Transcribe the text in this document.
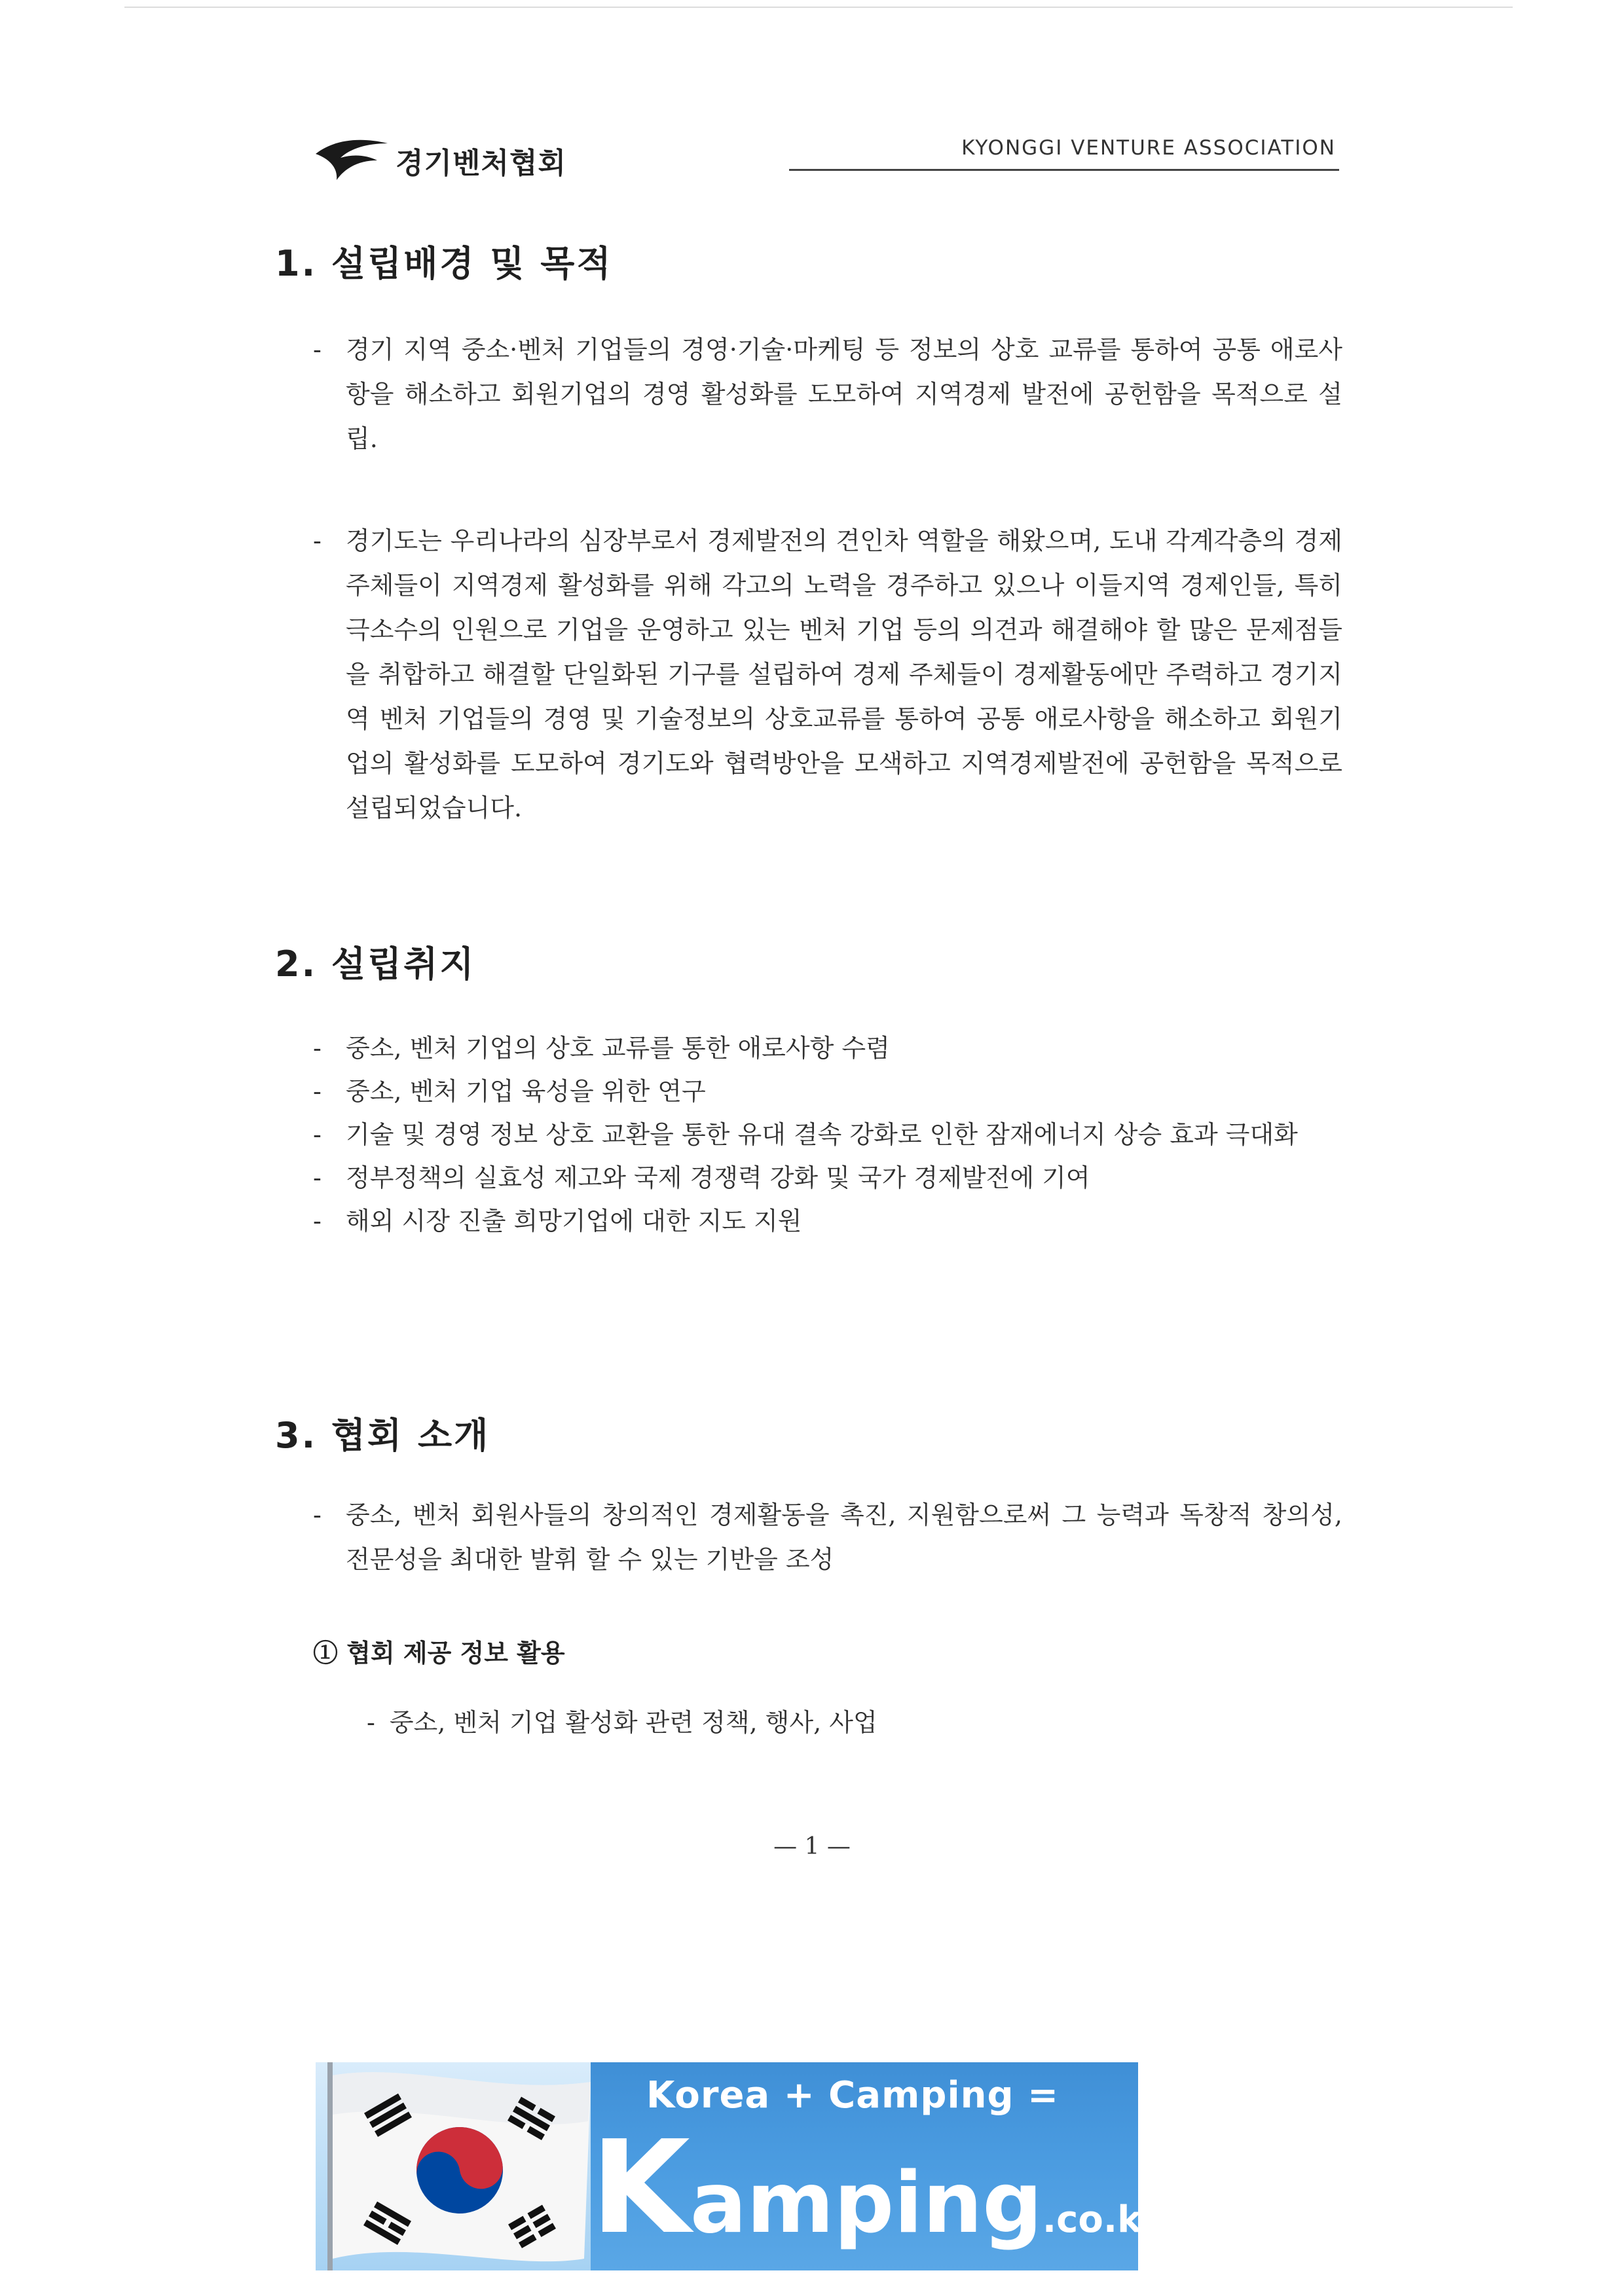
경기벤처협회	KYONGGI VENTURE ASSOCIATION
1. 설립배경 및 목적
- 경기 지역 중소·벤처 기업들의 경영·기술·마케팅 등 정보의 상호 교류를 통하여 공통 애로사항을 해소하고 회원기업의 경영 활성화를 도모하여 지역경제 발전에 공헌함을 목적으로 설립.
- 경기도는 우리나라의 심장부로서 경제발전의 견인차 역할을 해왔으며, 도내 각계각층의 경제 주체들이 지역경제 활성화를 위해 각고의 노력을 경주하고 있으나 이들지역 경제인들, 특히 극소수의 인원으로 기업을 운영하고 있는 벤처 기업 등의 의견과 해결해야 할 많은 문제점들을 취합하고 해결할 단일화된 기구를 설립하여 경제 주체들이 경제활동에만 주력하고 경기지역 벤처 기업들의 경영 및 기술정보의 상호교류를 통하여 공통 애로사항을 해소하고 회원기업의 활성화를 도모하여 경기도와 협력방안을 모색하고 지역경제발전에 공헌함을 목적으로 설립되었습니다.
2. 설립취지
- 중소, 벤처 기업의 상호 교류를 통한 애로사항 수렴
- 중소, 벤처 기업 육성을 위한 연구
- 기술 및 경영 정보 상호 교환을 통한 유대 결속 강화로 인한 잠재에너지 상승 효과 극대화
- 정부정책의 실효성 제고와 국제 경쟁력 강화 및 국가 경제발전에 기여
- 해외 시장 진출 희망기업에 대한 지도 지원
3. 협회 소개
- 중소, 벤처 회원사들의 창의적인 경제활동을 촉진, 지원함으로써 그 능력과 독창적 창의성, 전문성을 최대한 발휘 할 수 있는 기반을 조성
① 협회 제공 정보 활용
- 중소, 벤처 기업 활성화 관련 정책, 행사, 사업
— 1 —
Korea + Camping =
Kamping.co.kr
